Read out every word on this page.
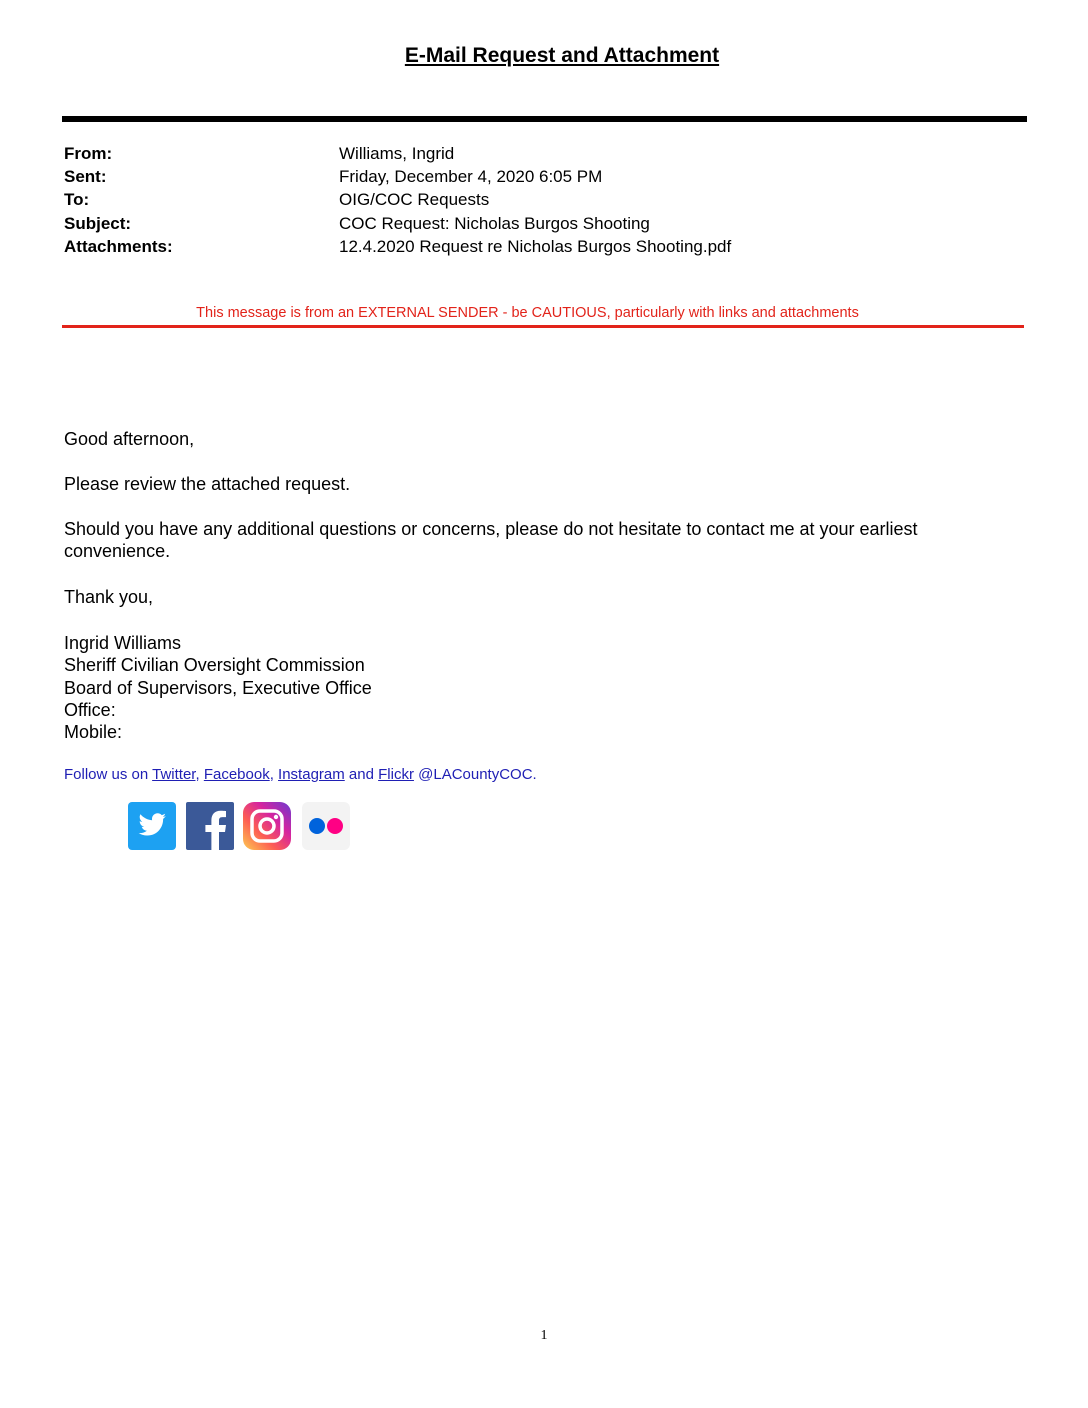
E-Mail Request and Attachment
From:	Williams, Ingrid
Sent:	Friday, December 4, 2020 6:05 PM
To:	OIG/COC Requests
Subject:	COC Request: Nicholas Burgos Shooting
Attachments:	12.4.2020 Request re Nicholas Burgos Shooting.pdf
This message is from an EXTERNAL SENDER - be CAUTIOUS, particularly with links and attachments
Good afternoon,
Please review the attached request.
Should you have any additional questions or concerns, please do not hesitate to contact me at your earliest convenience.
Thank you,
Ingrid Williams
Sheriff Civilian Oversight Commission
Board of Supervisors, Executive Office
Office:
Mobile:
Follow us on Twitter, Facebook, Instagram and Flickr @LACountyCOC.
1
